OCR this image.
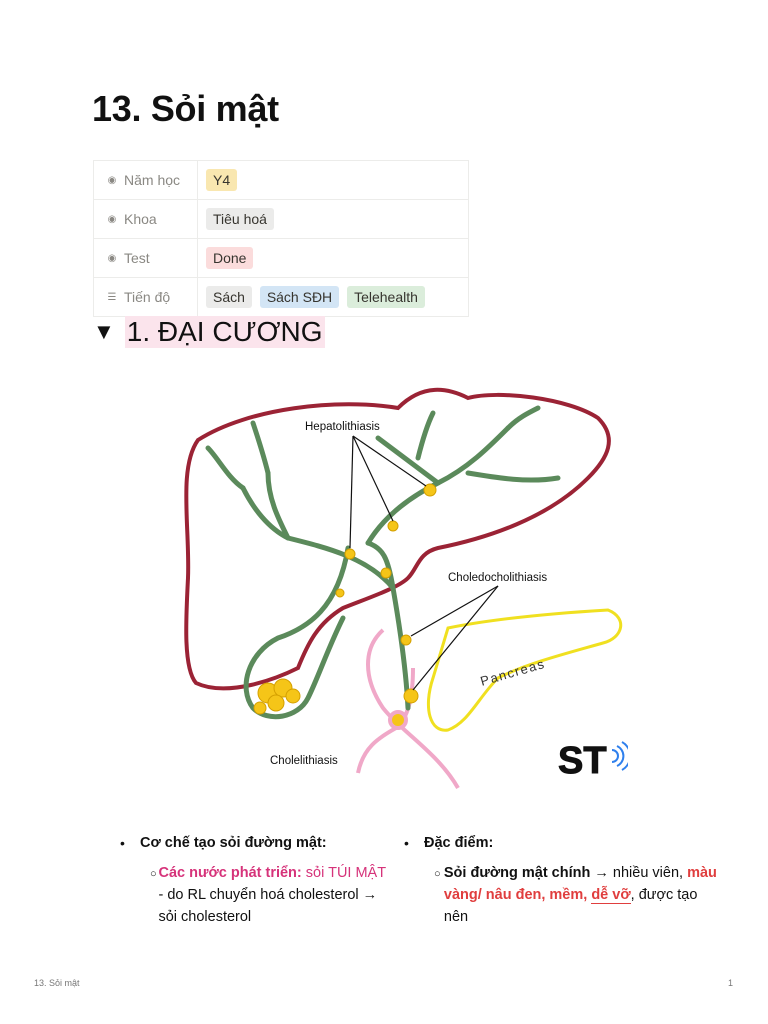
13. Sỏi mật
◉ Năm học	Y4

◉ Khoa	Tiêu hoá

◉ Test	Done

☰ Tiến độ	Sách Sách SĐH Telehealth
▼ 1. ĐẠI CƯƠNG
Hepatolithiasis
Choledocholithiasis
Pancreas
Cholelithiasis	ST
•	Cơ chế tạo sỏi đường mật:
○ Các nước phát triển: sỏi TÚI MẬT - do RL chuyển hoá cholesterol → sỏi cholesterol
•	Đặc điểm:
○ Sỏi đường mật chính → nhiều viên, màu vàng/ nâu đen, mềm, dễ vỡ, được tạo nên
13. Sỏi mật	1
